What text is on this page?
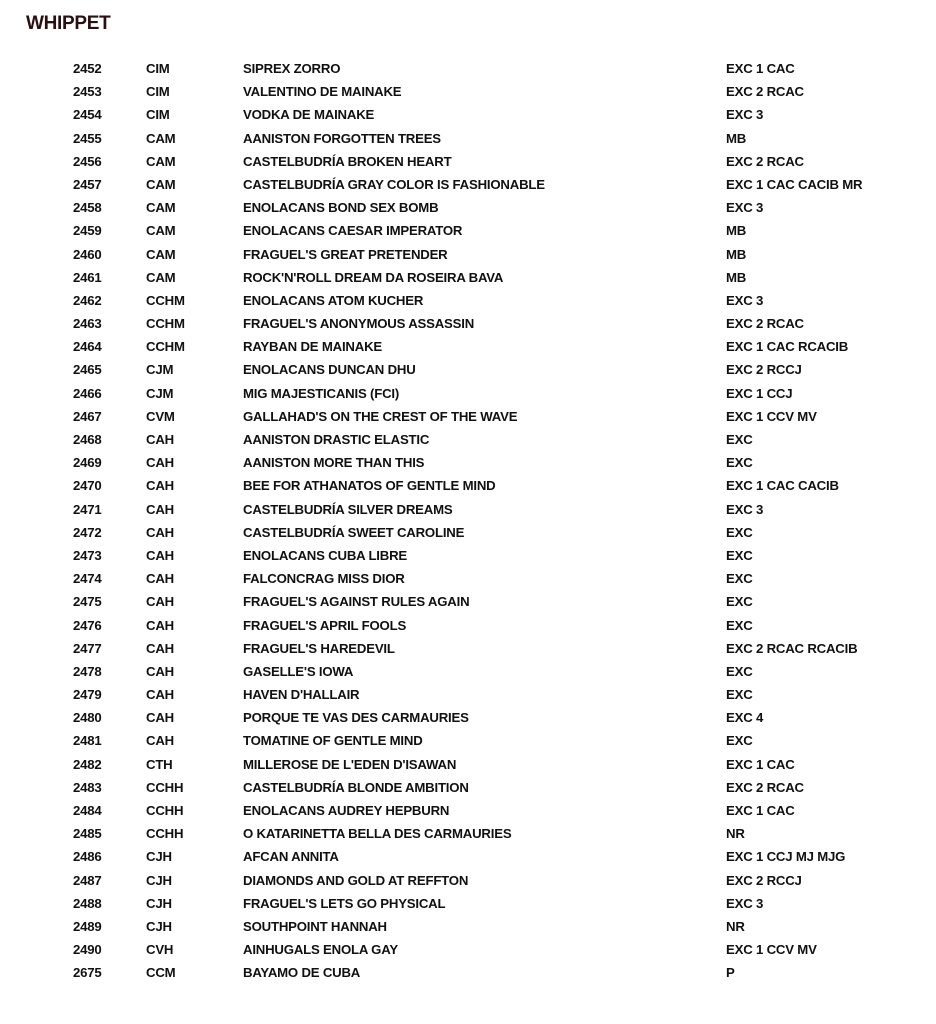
WHIPPET
2452	CIM	SIPREX ZORRO	EXC 1 CAC
2453	CIM	VALENTINO DE MAINAKE	EXC 2 RCAC
2454	CIM	VODKA DE MAINAKE	EXC 3
2455	CAM	AANISTON FORGOTTEN TREES	MB
2456	CAM	CASTELBUDRÍA BROKEN HEART	EXC 2 RCAC
2457	CAM	CASTELBUDRÍA GRAY COLOR IS FASHIONABLE	EXC 1 CAC CACIB MR
2458	CAM	ENOLACANS BOND SEX BOMB	EXC 3
2459	CAM	ENOLACANS CAESAR IMPERATOR	MB
2460	CAM	FRAGUEL'S GREAT PRETENDER	MB
2461	CAM	ROCK'N'ROLL DREAM DA ROSEIRA BAVA	MB
2462	CCHM	ENOLACANS ATOM KUCHER	EXC 3
2463	CCHM	FRAGUEL'S ANONYMOUS ASSASSIN	EXC 2 RCAC
2464	CCHM	RAYBAN DE MAINAKE	EXC 1 CAC RCACIB
2465	CJM	ENOLACANS DUNCAN DHU	EXC 2 RCCJ
2466	CJM	MIG MAJESTICANIS (FCI)	EXC 1 CCJ
2467	CVM	GALLAHAD'S ON THE CREST OF THE WAVE	EXC 1 CCV MV
2468	CAH	AANISTON DRASTIC ELASTIC	EXC
2469	CAH	AANISTON MORE THAN THIS	EXC
2470	CAH	BEE FOR ATHANATOS OF GENTLE MIND	EXC 1 CAC CACIB
2471	CAH	CASTELBUDRÍA SILVER DREAMS	EXC 3
2472	CAH	CASTELBUDRÍA SWEET CAROLINE	EXC
2473	CAH	ENOLACANS CUBA LIBRE	EXC
2474	CAH	FALCONCRAG MISS DIOR	EXC
2475	CAH	FRAGUEL'S AGAINST RULES AGAIN	EXC
2476	CAH	FRAGUEL'S APRIL FOOLS	EXC
2477	CAH	FRAGUEL'S HAREDEVIL	EXC 2 RCAC RCACIB
2478	CAH	GASELLE'S IOWA	EXC
2479	CAH	HAVEN D'HALLAIR	EXC
2480	CAH	PORQUE TE VAS DES CARMAURIES	EXC 4
2481	CAH	TOMATINE OF GENTLE MIND	EXC
2482	CTH	MILLEROSE DE L'EDEN D'ISAWAN	EXC 1 CAC
2483	CCHH	CASTELBUDRÍA BLONDE AMBITION	EXC 2 RCAC
2484	CCHH	ENOLACANS AUDREY HEPBURN	EXC 1 CAC
2485	CCHH	O KATARINETTA BELLA DES CARMAURIES	NR
2486	CJH	AFCAN ANNITA	EXC 1 CCJ MJ MJG
2487	CJH	DIAMONDS AND GOLD AT REFFTON	EXC 2 RCCJ
2488	CJH	FRAGUEL'S LETS GO PHYSICAL	EXC 3
2489	CJH	SOUTHPOINT HANNAH	NR
2490	CVH	AINHUGALS ENOLA GAY	EXC 1 CCV MV
2675	CCM	BAYAMO DE CUBA	P
